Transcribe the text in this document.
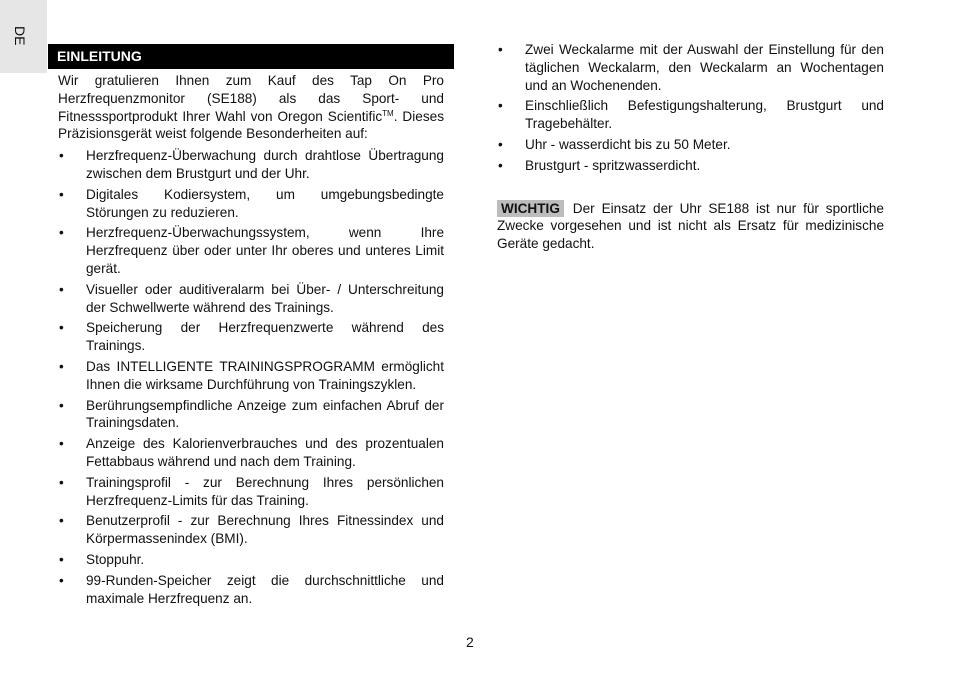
DE
EINLEITUNG

Wir gratulieren Ihnen zum Kauf des Tap On Pro Herzfrequenzmonitor (SE188) als das Sport- und Fitnesssportprodukt Ihrer Wahl von Oregon Scientific™. Dieses Präzisionsgerät weist folgende Besonderheiten auf:

• Herzfrequenz-Überwachung durch drahtlose Übertragung zwischen dem Brustgurt und der Uhr.
• Digitales Kodiersystem, um umgebungsbedingte Störungen zu reduzieren.
• Herzfrequenz-Überwachungssystem, wenn Ihre Herzfrequenz über oder unter Ihr oberes und unteres Limit gerät.
• Visueller oder auditiveralarm bei Über- / Unterschreitung der Schwellwerte während des Trainings.
• Speicherung der Herzfrequenzwerte während des Trainings.
• Das INTELLIGENTE TRAININGSPROGRAMM ermöglicht Ihnen die wirksame Durchführung von Trainingszyklen.
• Berührungsempfindliche Anzeige zum einfachen Abruf der Trainingsdaten.
• Anzeige des Kalorienverbrauches und des prozentualen Fettabbaus während und nach dem Training.
• Trainingsprofil - zur Berechnung Ihres persönlichen Herzfrequenz-Limits für das Training.
• Benutzerprofil - zur Berechnung Ihres Fitnessindex und Körpermassenindex (BMI).
• Stoppuhr.
• 99-Runden-Speicher zeigt die durchschnittliche und maximale Herzfrequenz an.
• Zwei Weckalarme mit der Auswahl der Einstellung für den täglichen Weckalarm, den Weckalarm an Wochentagen und an Wochenenden.
• Einschließlich Befestigungshalterung, Brustgurt und Tragebehälter.
• Uhr - wasserdicht bis zu 50 Meter.
• Brustgurt - spritzwasserdicht.
WICHTIG Der Einsatz der Uhr SE188 ist nur für sportliche Zwecke vorgesehen und ist nicht als Ersatz für medizinische Geräte gedacht.
2
